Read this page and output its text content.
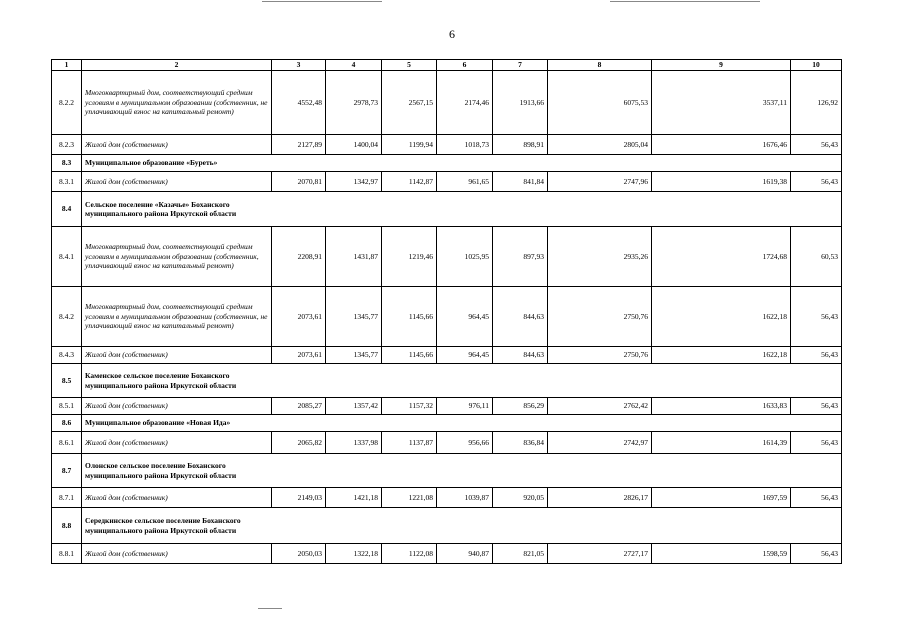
6
1	2	3	4	5	6	7	8	9	10
8.2.2	Многоквартирный дом, соответствующий средним условиям в муниципальном образовании (собственник, не уплачивающий взнос на капитальный ремонт)	4552,48	2978,73	2567,15	2174,46	1913,66	6075,53	3537,11	126,92
8.2.3	Жилой дом (собственник)	2127,89	1400,04	1199,94	1018,73	898,91	2805,04	1676,46	56,43
8.3	Муниципальное образование «Буреть»								

8.3.1	Жилой дом (собственник)	2070,81	1342,97	1142,87	961,65	841,84	2747,96	1619,38	56,43
8.4	Сельское поселение «Казачье» Боханского муниципального района Иркутской области								

8.4.1	Многоквартирный дом, соответствующий средним условиям в муниципальном образовании (собственник, уплачивающий взнос на капитальный ремонт)	2208,91	1431,87	1219,46	1025,95	897,93	2935,26	1724,68	60,53
8.4.2	Многоквартирный дом, соответствующий средним условиям в муниципальном образовании (собственник, не уплачивающий взнос на капитальный ремонт)	2073,61	1345,77	1145,66	964,45	844,63	2750,76	1622,18	56,43
8.4.3	Жилой дом (собственник)	2073,61	1345,77	1145,66	964,45	844,63	2750,76	1622,18	56,43
8.5	Каменское сельское поселение Боханского муниципального района Иркутской области								

8.5.1	Жилой дом (собственник)	2085,27	1357,42	1157,32	976,11	856,29	2762,42	1633,83	56,43
8.6	Муниципальное образование «Новая Ида»								

8.6.1	Жилой дом (собственник)	2065,82	1337,98	1137,87	956,66	836,84	2742,97	1614,39	56,43
8.7	Олонское сельское поселение Боханского муниципального района Иркутской области								

8.7.1	Жилой дом (собственник)	2149,03	1421,18	1221,08	1039,87	920,05	2826,17	1697,59	56,43
8.8	Середкинское сельское поселение Боханского муниципального района Иркутской области								

8.8.1	Жилой дом (собственник)	2050,03	1322,18	1122,08	940,87	821,05	2727,17	1598,59	56,43
